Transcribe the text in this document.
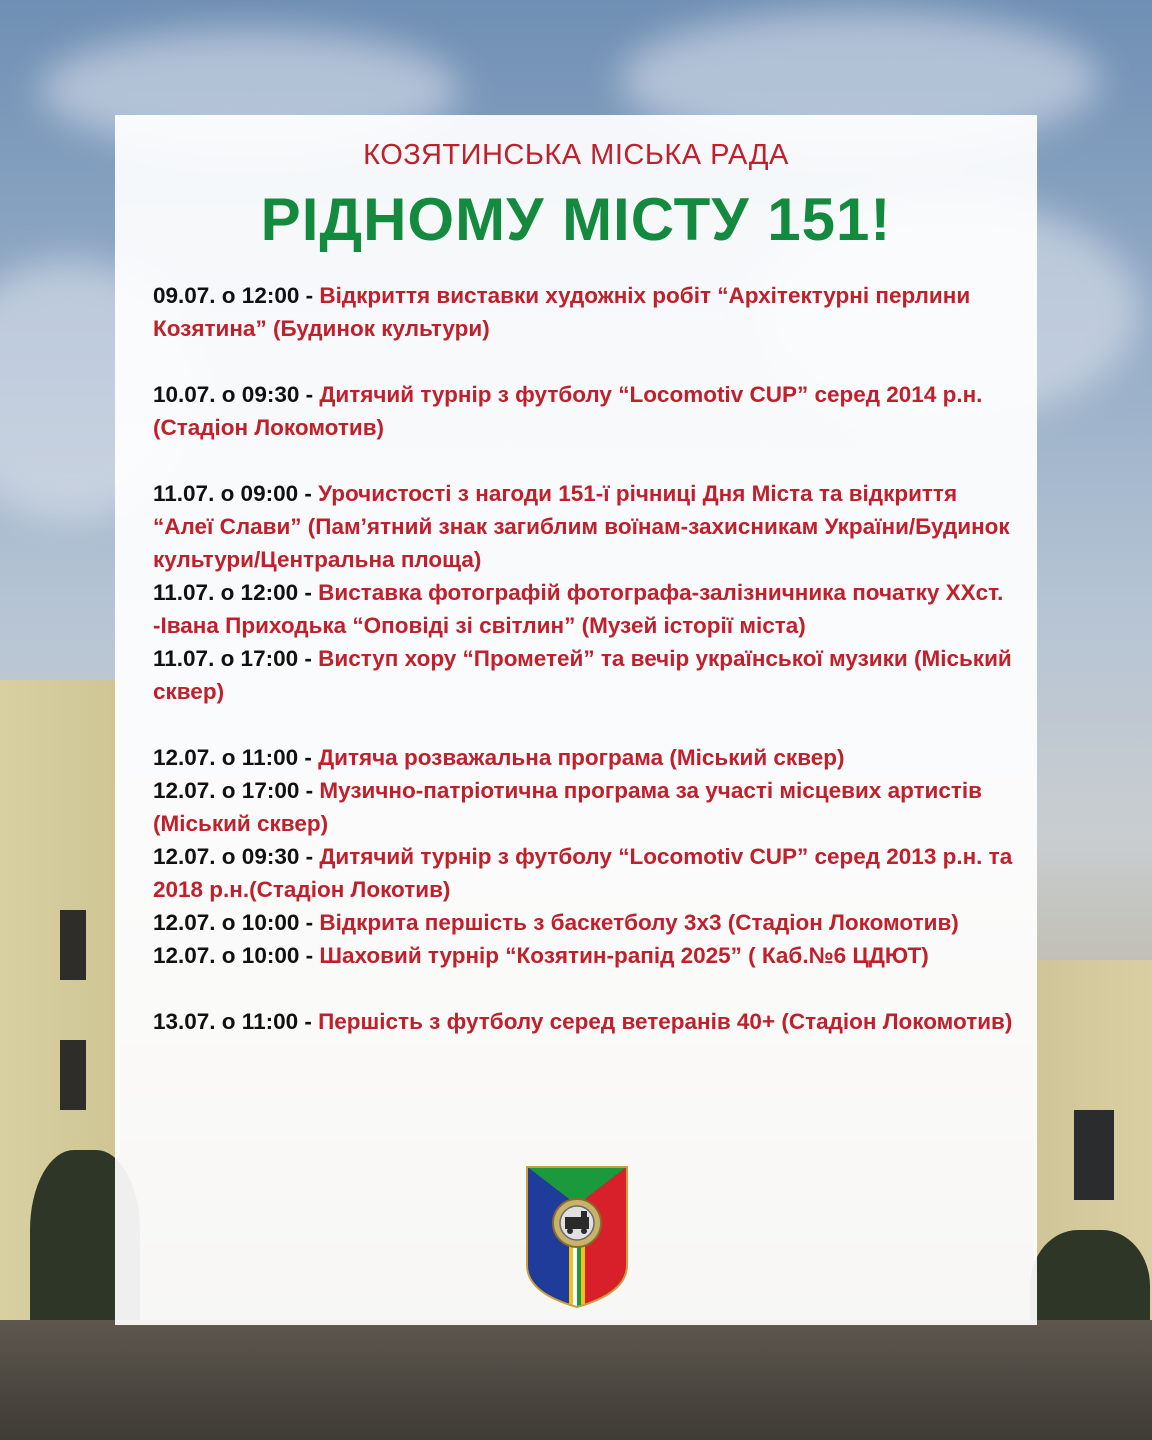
КОЗЯТИНСЬКА МІСЬКА РАДА
РІДНОМУ МІСТУ 151!

09.07. о 12:00 - Відкриття виставки художніх робіт “Архітектурні перлини Козятина” (Будинок культури)

10.07. о 09:30 - Дитячий турнір з футболу “Locomotiv CUP” серед 2014 р.н. (Стадіон Локомотив)

11.07. о 09:00 - Урочистості з нагоди 151-ї річниці Дня Міста та відкриття “Алеї Слави” (Пам’ятний знак загиблим воїнам-захисникам України/Будинок культури/Центральна площа)

11.07. о 12:00 - Виставка фотографій фотографа-залізничника початку ХХст. -Івана Приходька “Оповіді зі світлин” (Музей історії міста)

11.07. о 17:00 - Виступ хору “Прометей” та вечір української музики (Міський сквер)

12.07. о 11:00 - Дитяча розважальна програма (Міський сквер)

12.07. о 17:00 - Музично-патріотична програма за участі місцевих артистів (Міський сквер)

12.07. о 09:30 - Дитячий турнір з футболу “Locomotiv CUP” серед 2013 р.н. та 2018 р.н.(Стадіон Локотив)

12.07. о 10:00 - Відкрита першість з баскетболу 3х3 (Стадіон Локомотив)

12.07. о 10:00 - Шаховий турнір “Козятин-рапід 2025” ( Каб.№6 ЦДЮТ)

13.07. о 11:00 - Першість з футболу серед ветеранів 40+ (Стадіон Локомотив)
